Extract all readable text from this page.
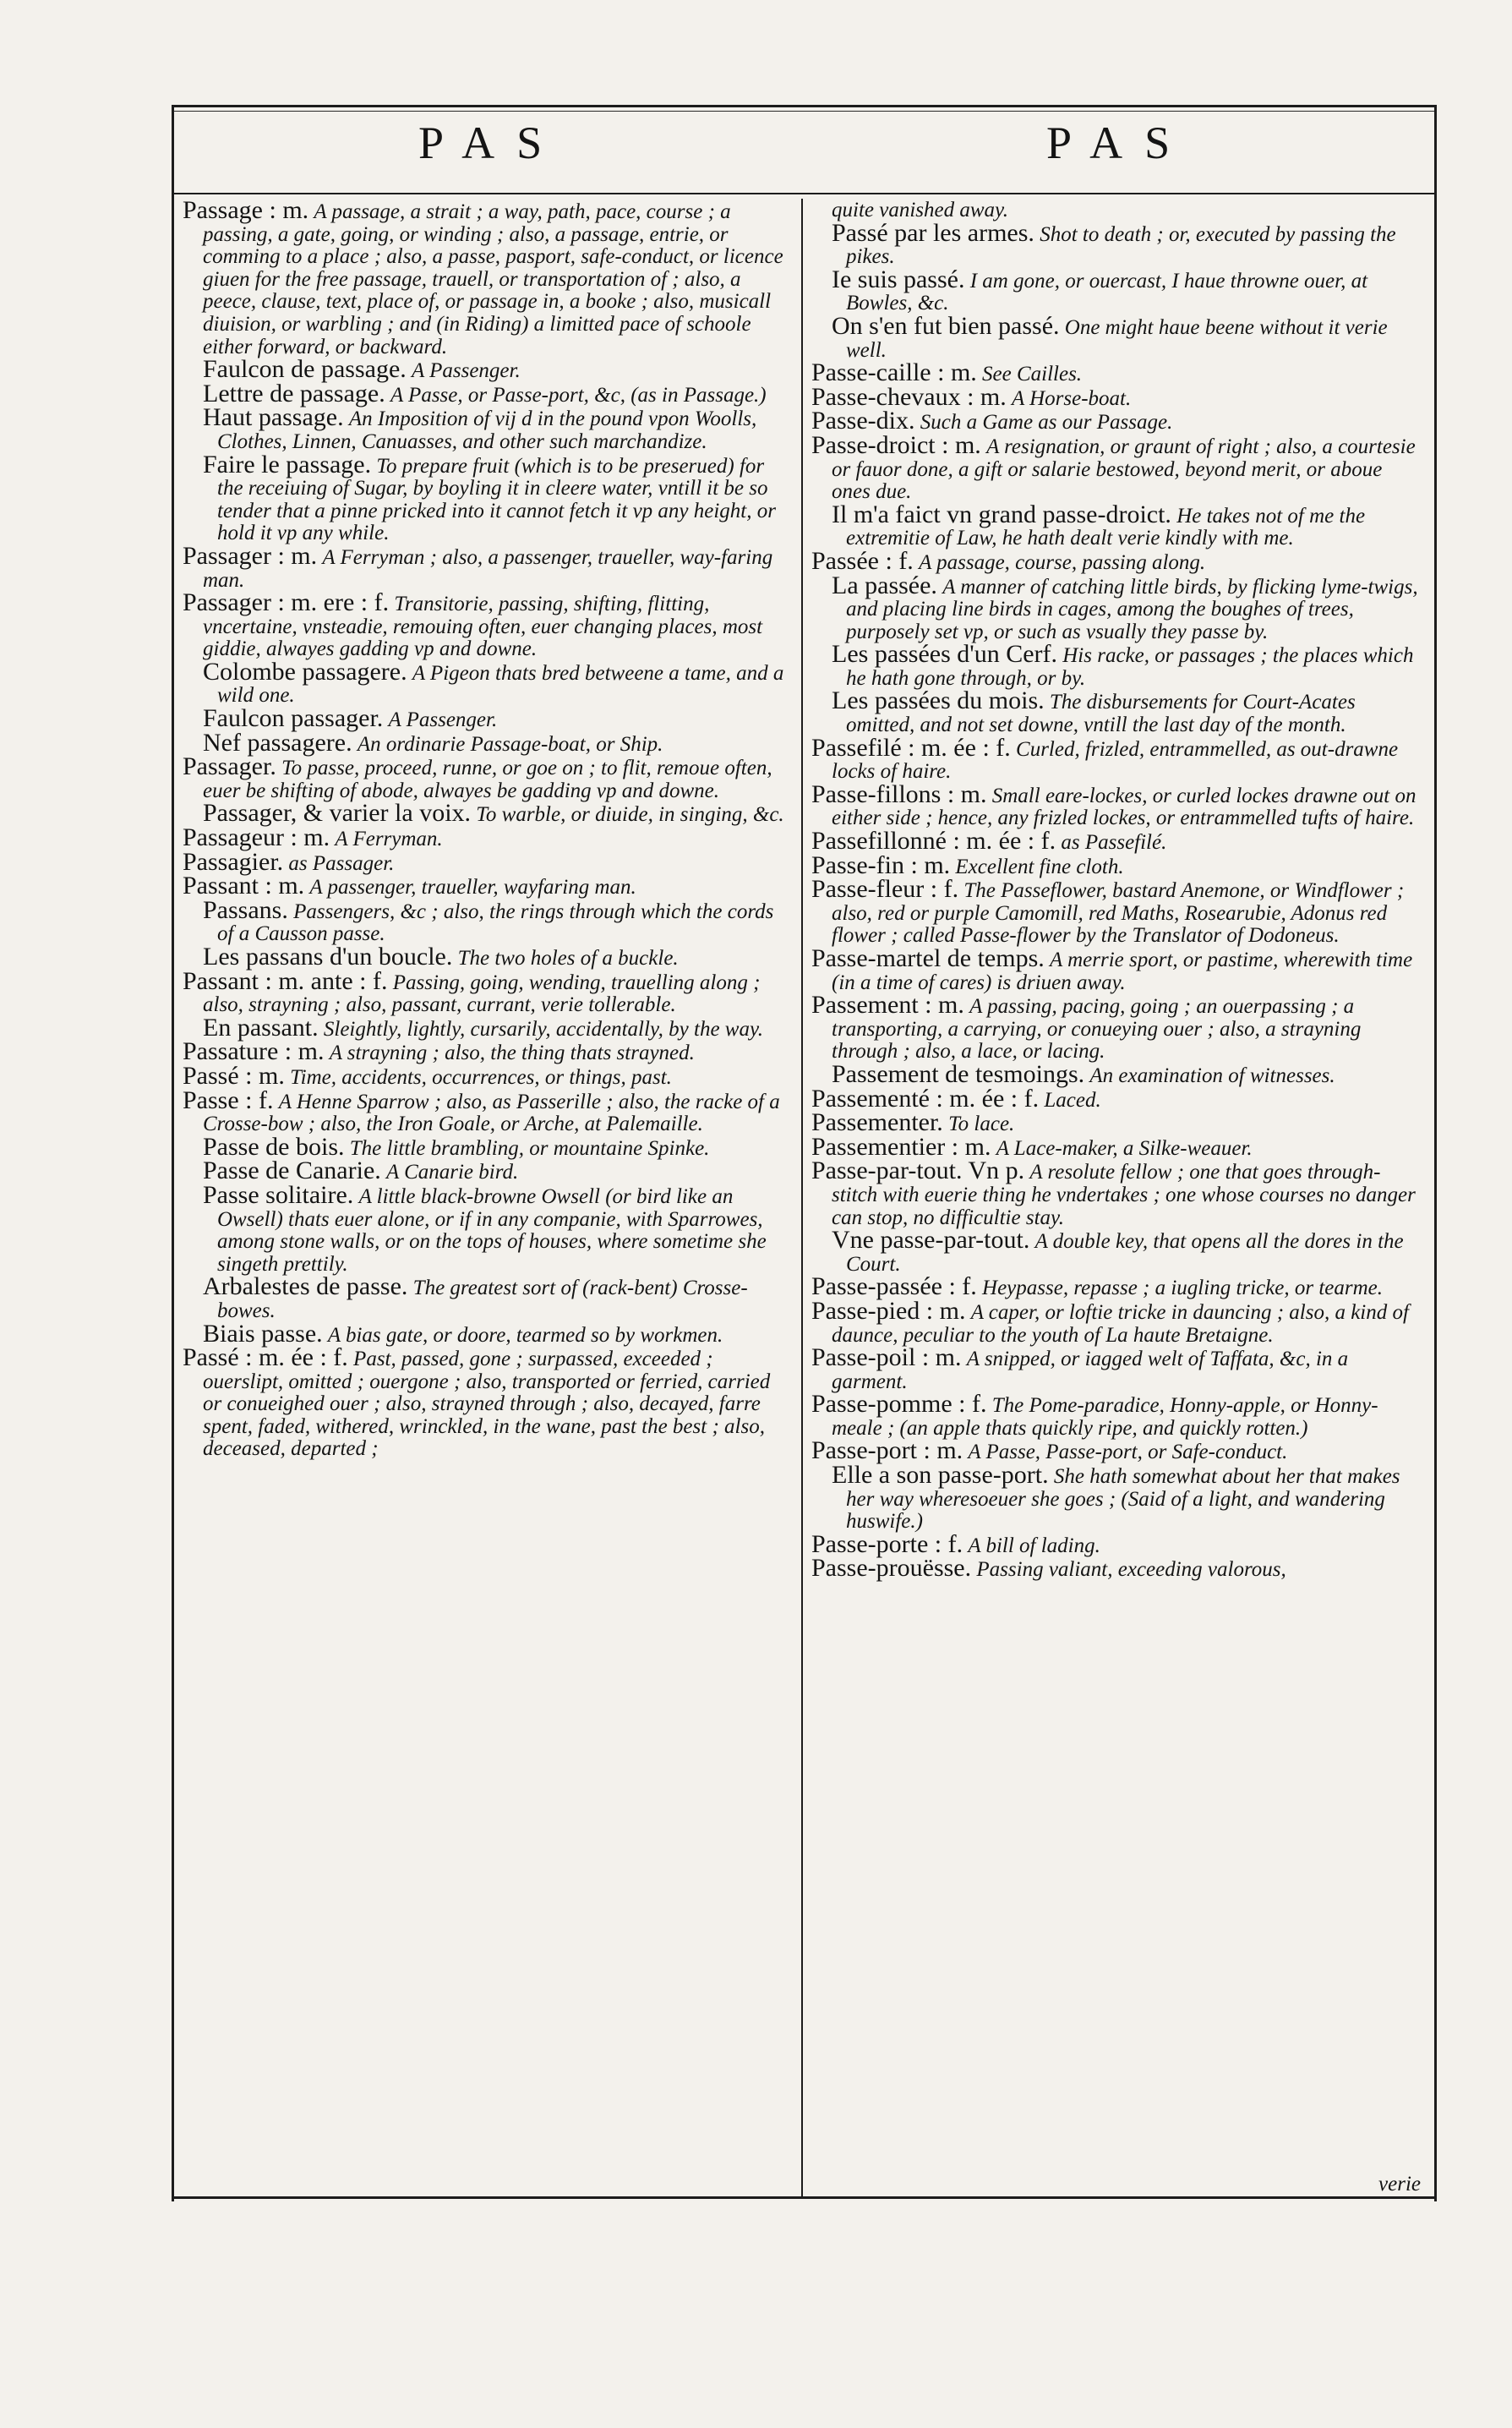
PAS	PAS

Passage : m. A passage, a strait ; a way, path, pace, course ; a passing, a gate, going, or winding ; also, a passage, entrie, or comming to a place ; also, a passe, pasport, safe-conduct, or licence giuen for the free passage, trauell, or transportation of ; also, a peece, clause, text, place of, or passage in, a booke ; also, musicall diuision, or warbling ; and (in Riding) a limitted pace of schoole either forward, or backward.

Faulcon de passage. A Passenger.

Lettre de passage. A Passe, or Passe-port, &c, (as in Passage.)

Haut passage. An Imposition of vij d in the pound vpon Woolls, Clothes, Linnen, Canuasses, and other such marchandize.

Faire le passage. To prepare fruit (which is to be preserued) for the receiuing of Sugar, by boyling it in cleere water, vntill it be so tender that a pinne pricked into it cannot fetch it vp any height, or hold it vp any while.

Passager : m. A Ferryman ; also, a passenger, traueller, way-faring man.

Passager : m. ere : f. Transitorie, passing, shifting, flitting, vncertaine, vnsteadie, remouing often, euer changing places, most giddie, alwayes gadding vp and downe.

Colombe passagere. A Pigeon thats bred betweene a tame, and a wild one.

Faulcon passager. A Passenger.

Nef passagere. An ordinarie Passage-boat, or Ship.

Passager. To passe, proceed, runne, or goe on ; to flit, remoue often, euer be shifting of abode, alwayes be gadding vp and downe.

Passager, & varier la voix. To warble, or diuide, in singing, &c.

Passageur : m. A Ferryman.

Passagier. as Passager.

Passant : m. A passenger, traueller, wayfaring man.

Passans. Passengers, &c ; also, the rings through which the cords of a Causson passe.

Les passans d'un boucle. The two holes of a buckle.

Passant : m. ante : f. Passing, going, wending, trauelling along ; also, strayning ; also, passant, currant, verie tollerable.

En passant. Sleightly, lightly, cursarily, accidentally, by the way.

Passature : m. A strayning ; also, the thing thats strayned.

Passé : m. Time, accidents, occurrences, or things, past.

Passe : f. A Henne Sparrow ; also, as Passerille ; also, the racke of a Crosse-bow ; also, the Iron Goale, or Arche, at Palemaille.

Passe de bois. The little brambling, or mountaine Spinke.

Passe de Canarie. A Canarie bird.

Passe solitaire. A little black-browne Owsell (or bird like an Owsell) thats euer alone, or if in any companie, with Sparrowes, among stone walls, or on the tops of houses, where sometime she singeth prettily.

Arbalestes de passe. The greatest sort of (rack-bent) Crosse-bowes.

Biais passe. A bias gate, or doore, tearmed so by workmen.

Passé : m. ée : f. Past, passed, gone ; surpassed, exceeded ; ouerslipt, omitted ; ouergone ; also, transported or ferried, carried or conueighed ouer ; also, strayned through ; also, decayed, farre spent, faded, withered, wrinckled, in the wane, past the best ; also, deceased, departed ;

quite vanished away.

Passé par les armes. Shot to death ; or, executed by passing the pikes.

Ie suis passé. I am gone, or ouercast, I haue throwne ouer, at Bowles, &c.

On s'en fut bien passé. One might haue beene without it verie well.

Passe-caille : m. See Cailles.

Passe-chevaux : m. A Horse-boat.

Passe-dix. Such a Game as our Passage.

Passe-droict : m. A resignation, or graunt of right ; also, a courtesie or fauor done, a gift or salarie bestowed, beyond merit, or aboue ones due.

Il m'a faict vn grand passe-droict. He takes not of me the extremitie of Law, he hath dealt verie kindly with me.

Passée : f. A passage, course, passing along.

La passée. A manner of catching little birds, by flicking lyme-twigs, and placing line birds in cages, among the boughes of trees, purposely set vp, or such as vsually they passe by.

Les passées d'un Cerf. His racke, or passages ; the places which he hath gone through, or by.

Les passées du mois. The disbursements for Court-Acates omitted, and not set downe, vntill the last day of the month.

Passefilé : m. ée : f. Curled, frizled, entrammelled, as out-drawne locks of haire.

Passe-fillons : m. Small eare-lockes, or curled lockes drawne out on either side ; hence, any frizled lockes, or entrammelled tufts of haire.

Passefillonné : m. ée : f. as Passefilé.

Passe-fin : m. Excellent fine cloth.

Passe-fleur : f. The Passeflower, bastard Anemone, or Windflower ; also, red or purple Camomill, red Maths, Rosearubie, Adonus red flower ; called Passe-flower by the Translator of Dodoneus.

Passe-martel de temps. A merrie sport, or pastime, wherewith time (in a time of cares) is driuen away.

Passement : m. A passing, pacing, going ; an ouerpassing ; a transporting, a carrying, or conueying ouer ; also, a strayning through ; also, a lace, or lacing.

Passement de tesmoings. An examination of witnesses.

Passementé : m. ée : f. Laced.

Passementer. To lace.

Passementier : m. A Lace-maker, a Silke-weauer.

Passe-par-tout. Vn p. A resolute fellow ; one that goes through-stitch with euerie thing he vndertakes ; one whose courses no danger can stop, no difficultie stay.

Vne passe-par-tout. A double key, that opens all the dores in the Court.

Passe-passée : f. Heypasse, repasse ; a iugling tricke, or tearme.

Passe-pied : m. A caper, or loftie tricke in dauncing ; also, a kind of daunce, peculiar to the youth of La haute Bretaigne.

Passe-poil : m. A snipped, or iagged welt of Taffata, &c, in a garment.

Passe-pomme : f. The Pome-paradice, Honny-apple, or Honny-meale ; (an apple thats quickly ripe, and quickly rotten.)

Passe-port : m. A Passe, Passe-port, or Safe-conduct.

Elle a son passe-port. She hath somewhat about her that makes her way wheresoeuer she goes ; (Said of a light, and wandering huswife.)

Passe-porte : f. A bill of lading.

Passe-prouësse. Passing valiant, exceeding valorous,

verie
